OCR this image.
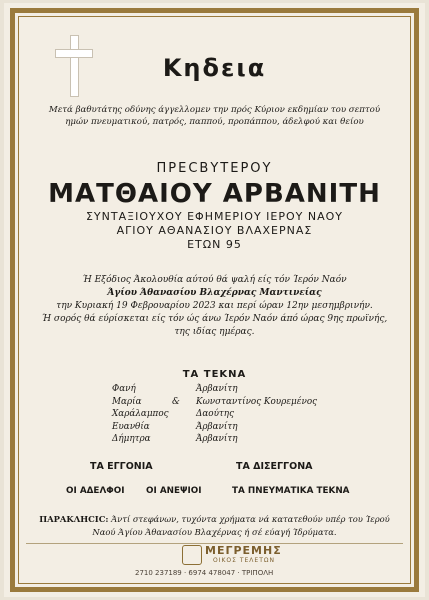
Κηδεια
Μετά βαθυτάτης οδύνης άγγελλομεν την πρός Κύριον εκδημίαν του σεπτού ημών πνευματικού, πατρός, παππού, προπάππου, άδελφού και θείου
ΠΡΕCΒΥΤΕΡΟΥ
ΜΑΤΘΑΙΟΥ ΑΡΒΑΝΙΤΗ
ΣΥΝΤΑΞΙΟΥΧΟΥ ΕΦΗΜΕΡΙΟΥ ΙΕΡΟΥ ΝΑΟΥ
ΑΓΙΟΥ ΑΘΑΝΑΣΙΟΥ ΒΛΑΧΕΡΝΑΣ
ΕΤΩΝ 95
Ή Εξόδιος Άκολουθία αύτού θά ψαλή είς τόν Ίερόν Ναόν
Άγίου Άθανασίου Βλαχέρνας Μαντινείας
την Κυριακή 19 Φεβρουαρίου 2023 και περί ώραν 12ην μεσημβρινήν.
Ή σορός θά εύρίσκεται είς τόν ώς άνω Ίερόν Ναόν άπό ώρας 9ης πρωϊνής,
της ιδίας ημέρας.
ΤΑ ΤΕΚΝΑ
Φανή	Άρβανίτη
Μαρία	& Κωνσταντίνος Κουρεμένος
Χαράλαμπος	Δαούτης
Ευανθία	Άρβανίτη
Δήμητρα	Άρβανίτη
ΤΑ ΕΓΓΟΝΙΑ	ΤΑ ΔΙΣΕΓΓΟΝΑ
ΟΙ ΑΔΕΛΦΟΙ ΟΙ ΑΝΕΨΙΟΙ	ΤΑ ΠΝΕΥΜΑΤΙΚΑ ΤΕΚΝΑ
ΠΑΡΑΚΛΗCΙC: Άντί στεφάνων, τυχόντα χρήματα νά κατατεθούν υπέρ του Ίερού Ναού Άγίου Άθανασίου Βλαχέρνας ή σέ εύαγή Ίδρύματα.
ΜΕΓΡΕΜΗΣ
ΟΙΚΟΣ ΤΕΛΕΤΩΝ
2710 237189 · 6974 478047 · ΤΡΙΠΟΛΗ
